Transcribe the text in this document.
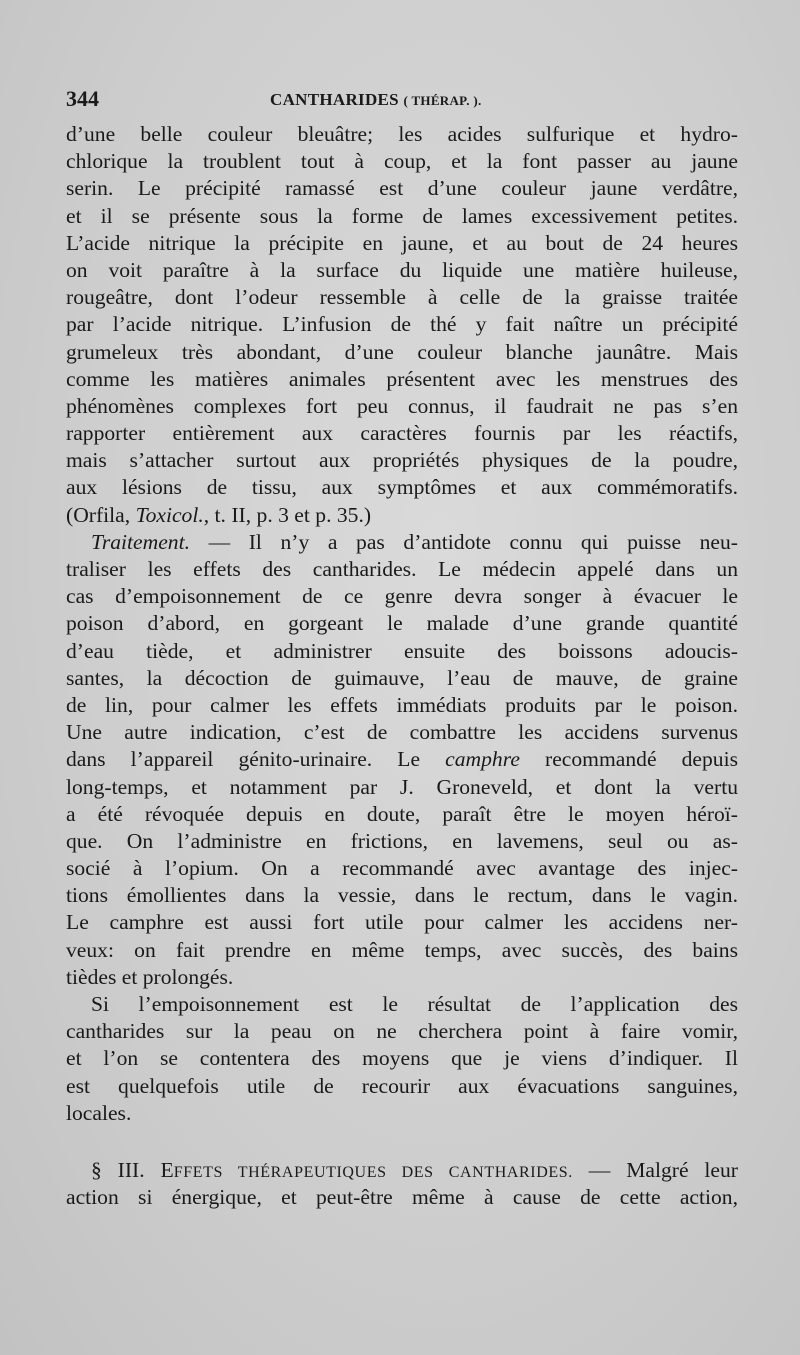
344	CANTHARIDES ( THÉRAP. ).
d’une belle couleur bleuâtre; les acides sulfurique et hydro-
chlorique la troublent tout à coup, et la font passer au jaune
serin. Le précipité ramassé est d’une couleur jaune verdâtre,
et il se présente sous la forme de lames excessivement petites.
L’acide nitrique la précipite en jaune, et au bout de 24 heures
on voit paraître à la surface du liquide une matière huileuse,
rougeâtre, dont l’odeur ressemble à celle de la graisse traitée
par l’acide nitrique. L’infusion de thé y fait naître un précipité
grumeleux très abondant, d’une couleur blanche jaunâtre. Mais
comme les matières animales présentent avec les menstrues des
phénomènes complexes fort peu connus, il faudrait ne pas s’en
rapporter entièrement aux caractères fournis par les réactifs,
mais s’attacher surtout aux propriétés physiques de la poudre,
aux lésions de tissu, aux symptômes et aux commémoratifs.
(Orfila, Toxicol., t. II, p. 3 et p. 35.)
Traitement. — Il n’y a pas d’antidote connu qui puisse neu-
traliser les effets des cantharides. Le médecin appelé dans un
cas d’empoisonnement de ce genre devra songer à évacuer le
poison d’abord, en gorgeant le malade d’une grande quantité
d’eau tiède, et administrer ensuite des boissons adoucis-
santes, la décoction de guimauve, l’eau de mauve, de graine
de lin, pour calmer les effets immédiats produits par le poison.
Une autre indication, c’est de combattre les accidens survenus
dans l’appareil génito-urinaire. Le camphre recommandé depuis
long-temps, et notamment par J. Groneveld, et dont la vertu
a été révoquée depuis en doute, paraît être le moyen héroï-
que. On l’administre en frictions, en lavemens, seul ou as-
socié à l’opium. On a recommandé avec avantage des injec-
tions émollientes dans la vessie, dans le rectum, dans le vagin.
Le camphre est aussi fort utile pour calmer les accidens ner-
veux: on fait prendre en même temps, avec succès, des bains
tièdes et prolongés.
Si l’empoisonnement est le résultat de l’application des
cantharides sur la peau on ne cherchera point à faire vomir,
et l’on se contentera des moyens que je viens d’indiquer. Il
est quelquefois utile de recourir aux évacuations sanguines,
locales.
§ III. EFFETS THÉRAPEUTIQUES DES CANTHARIDES. — Malgré leur
action si énergique, et peut-être même à cause de cette action,
